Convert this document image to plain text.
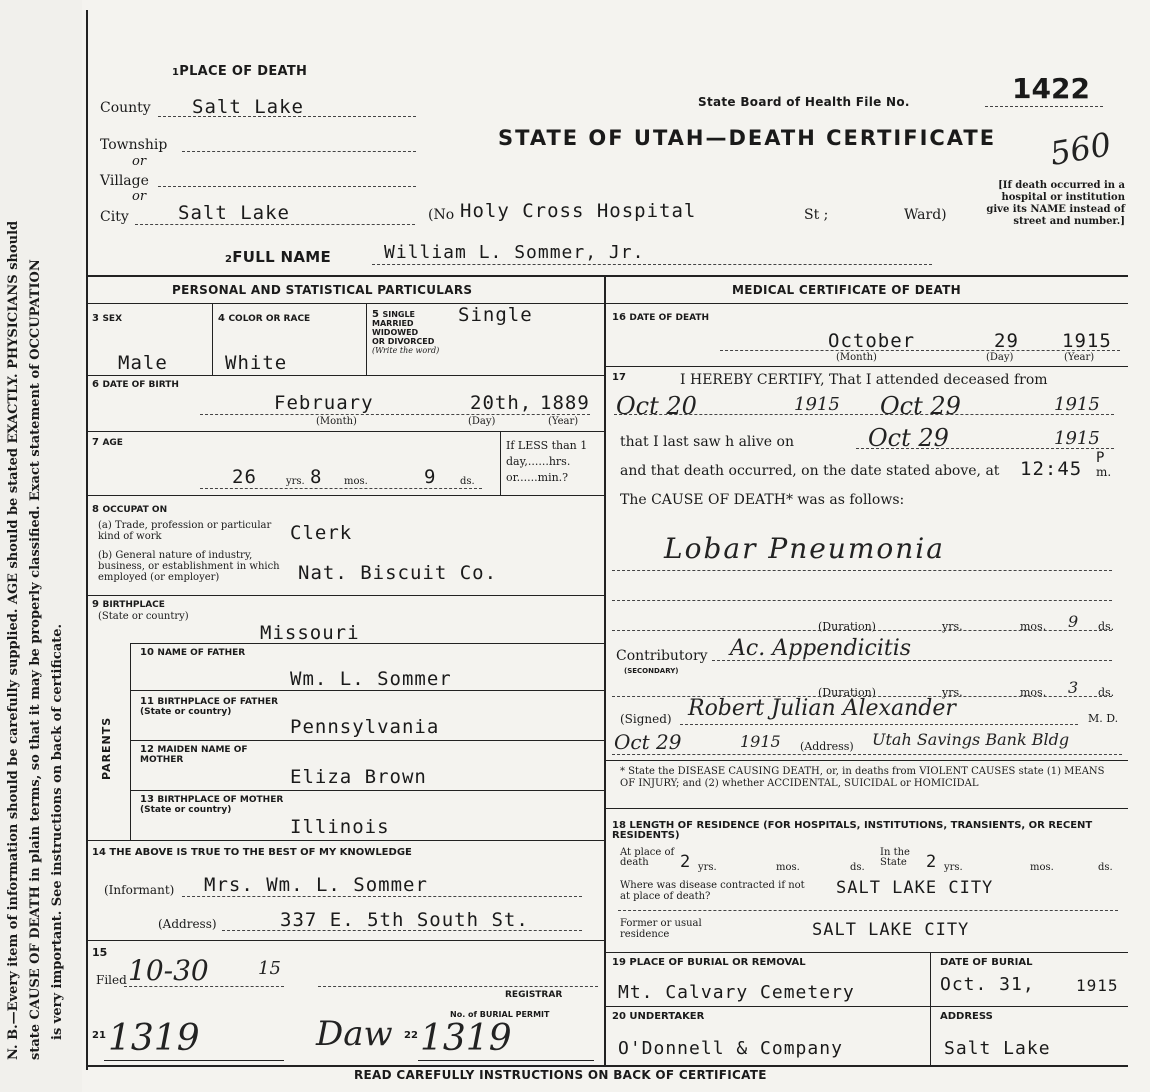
N. B.—Every item of information should be carefully supplied. AGE should be stated EXACTLY. PHYSICIANS should state CAUSE OF DEATH in plain terms, so that it may be properly classified. Exact statement of OCCUPATION is very important. See instructions on back of certificate.
1PLACE OF DEATH
County Salt Lake
Township
or
Village
or
City	Salt Lake	(No Holy Cross Hospital	St ;	Ward)
State Board of Health File No.	1422
560
STATE OF UTAH—DEATH CERTIFICATE
[If death occurred in a hospital or institution give its NAME instead of street and number.]
2FULL NAME	William L. Sommer, Jr.
PERSONAL AND STATISTICAL PARTICULARS
3 SEX
Male
4 COLOR OR RACE
White
5 SINGLE
MARRIED
WIDOWED
OR DIVORCED
(Write the word)
Single
6 DATE OF BIRTH
February	20th, 1889
(Month)	(Day)	(Year)
7 AGE
26	yrs. 8 mos.	9 ds.
If LESS than 1 day,......hrs. or......min.?
8 OCCUPAT ON
(a) Trade, profession or particular kind of work	Clerk
(b) General nature of industry, business, or establishment in which employed (or employer)	Nat. Biscuit Co.
9 BIRTHPLACE
(State or country)
Missouri
PARENTS
10 NAME OF FATHER
Wm. L. Sommer
11 BIRTHPLACE OF FATHER (State or country)
Pennsylvania
12 MAIDEN NAME OF MOTHER
Eliza Brown
13 BIRTHPLACE OF MOTHER (State or country)
Illinois
14 THE ABOVE IS TRUE TO THE BEST OF MY KNOWLEDGE
(Informant) Mrs. Wm. L. Sommer
(Address)	337 E. 5th South St.
15
Filed 10-30	15
REGISTRAR
21 1319	Daw 22
No. of BURIAL PERMIT
1319
MEDICAL CERTIFICATE OF DEATH
16 DATE OF DEATH
October	29 1915
(Month)	(Day)	(Year)
17	I HEREBY CERTIFY, That I attended deceased from
Oct 20	1915 Oct 29	1915
that I last saw h alive on	Oct 29	1915
and that death occurred, on the date stated above, at 12:45 P
m.
The CAUSE OF DEATH* was as follows:
Lobar Pneumonia
(Duration)	yrs.	mos. 9 ds.
Contributory
(SECONDARY)
Ac. Appendicitis
(Duration)	yrs.	mos. 3 ds.
(Signed) Robert Julian Alexander	M. D.
Oct 29	1915 (Address) Utah Savings Bank Bldg
* State the DISEASE CAUSING DEATH, or, in deaths from VIOLENT CAUSES state (1) MEANS OF INJURY; and (2) whether ACCIDENTAL, SUICIDAL or HOMICIDAL
18 LENGTH OF RESIDENCE (FOR HOSPITALS, INSTITUTIONS, TRANSIENTS, OR RECENT RESIDENTS)
At place of death	2 yrs.	mos.	ds.
In the State	2 yrs.	mos.	ds.
Where was disease contracted if not at place of death?	SALT LAKE CITY
Former or usual residence	SALT LAKE CITY
19 PLACE OF BURIAL OR REMOVAL
Mt. Calvary Cemetery
DATE OF BURIAL
Oct. 31,	1915
20 UNDERTAKER
O'Donnell & Company
ADDRESS
Salt Lake
READ CAREFULLY INSTRUCTIONS ON BACK OF CERTIFICATE
